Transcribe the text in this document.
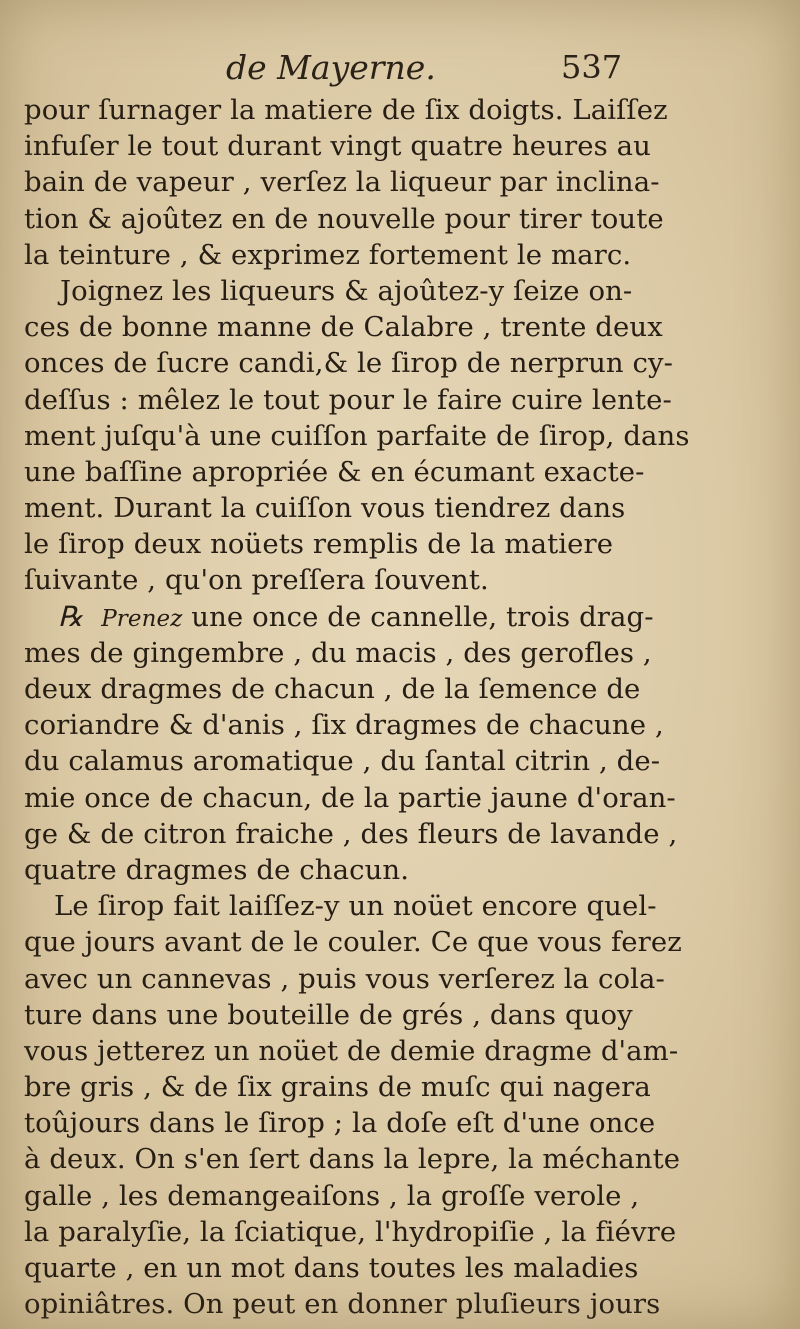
de Mayerne.	537
pour ſurnager la matiere de ſix doigts. Laiſſez
infuſer le tout durant vingt quatre heures au
bain de vapeur , verſez la liqueur par inclina-
tion & ajoûtez en de nouvelle pour tirer toute
la teinture , & exprimez fortement le marc.
Joignez les liqueurs & ajoûtez-y ſeize on-
ces de bonne manne de Calabre , trente deux
onces de ſucre candi,& le ſirop de nerprun cy-
deſſus : mêlez le tout pour le faire cuire lente-
ment juſqu'à une cuiſſon parfaite de ſirop, dans
une baſſine apropriée & en écumant exacte-
ment. Durant la cuiſſon vous tiendrez dans
le ſirop deux noüets remplis de la matiere
ſuivante , qu'on preſſera ſouvent.
℞ Prenez une once de cannelle, trois drag-
mes de gingembre , du macis , des gerofles ,
deux dragmes de chacun , de la ſemence de
coriandre & d'anis , ſix dragmes de chacune ,
du calamus aromatique , du ſantal citrin , de-
mie once de chacun, de la partie jaune d'oran-
ge & de citron fraiche , des fleurs de lavande ,
quatre dragmes de chacun.
Le ſirop fait laiſſez-y un noüet encore quel-
que jours avant de le couler. Ce que vous ferez
avec un cannevas , puis vous verſerez la cola-
ture dans une bouteille de grés , dans quoy
vous jetterez un noüet de demie dragme d'am-
bre gris , & de ſix grains de muſc qui nagera
toûjours dans le ſirop ; la doſe eſt d'une once
à deux. On s'en ſert dans la lepre, la méchante
galle , les demangeaiſons , la groſſe verole ,
la paralyſie, la ſciatique, l'hydropiſie , la fiévre
quarte , en un mot dans toutes les maladies
opiniâtres. On peut en donner pluſieurs jours
